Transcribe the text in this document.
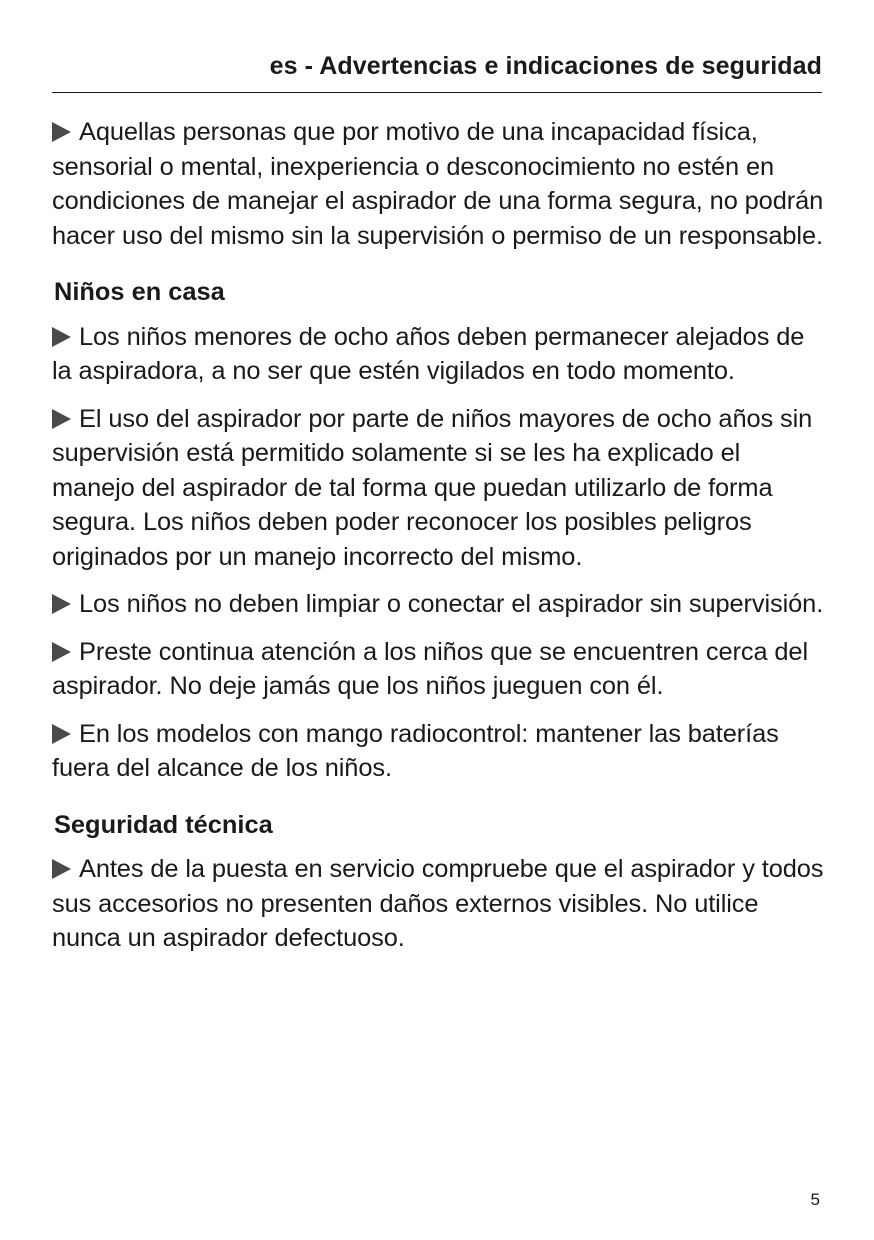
es - Advertencias e indicaciones de seguridad

Aquellas personas que por motivo de una incapacidad física, sensorial o mental, inexperiencia o desconocimiento no estén en condiciones de manejar el aspirador de una forma segura, no podrán hacer uso del mismo sin la supervisión o permiso de un responsable.

Niños en casa

Los niños menores de ocho años deben permanecer alejados de la aspiradora, a no ser que estén vigilados en todo momento.

El uso del aspirador por parte de niños mayores de ocho años sin supervisión está permitido solamente si se les ha explicado el manejo del aspirador de tal forma que puedan utilizarlo de forma segura. Los niños deben poder reconocer los posibles peligros originados por un manejo incorrecto del mismo.

Los niños no deben limpiar o conectar el aspirador sin supervisión.

Preste continua atención a los niños que se encuentren cerca del aspirador. No deje jamás que los niños jueguen con él.

En los modelos con mango radiocontrol: mantener las baterías fuera del alcance de los niños.

Seguridad técnica

Antes de la puesta en servicio compruebe que el aspirador y todos sus accesorios no presenten daños externos visibles. No utilice nunca un aspirador defectuoso.

5
